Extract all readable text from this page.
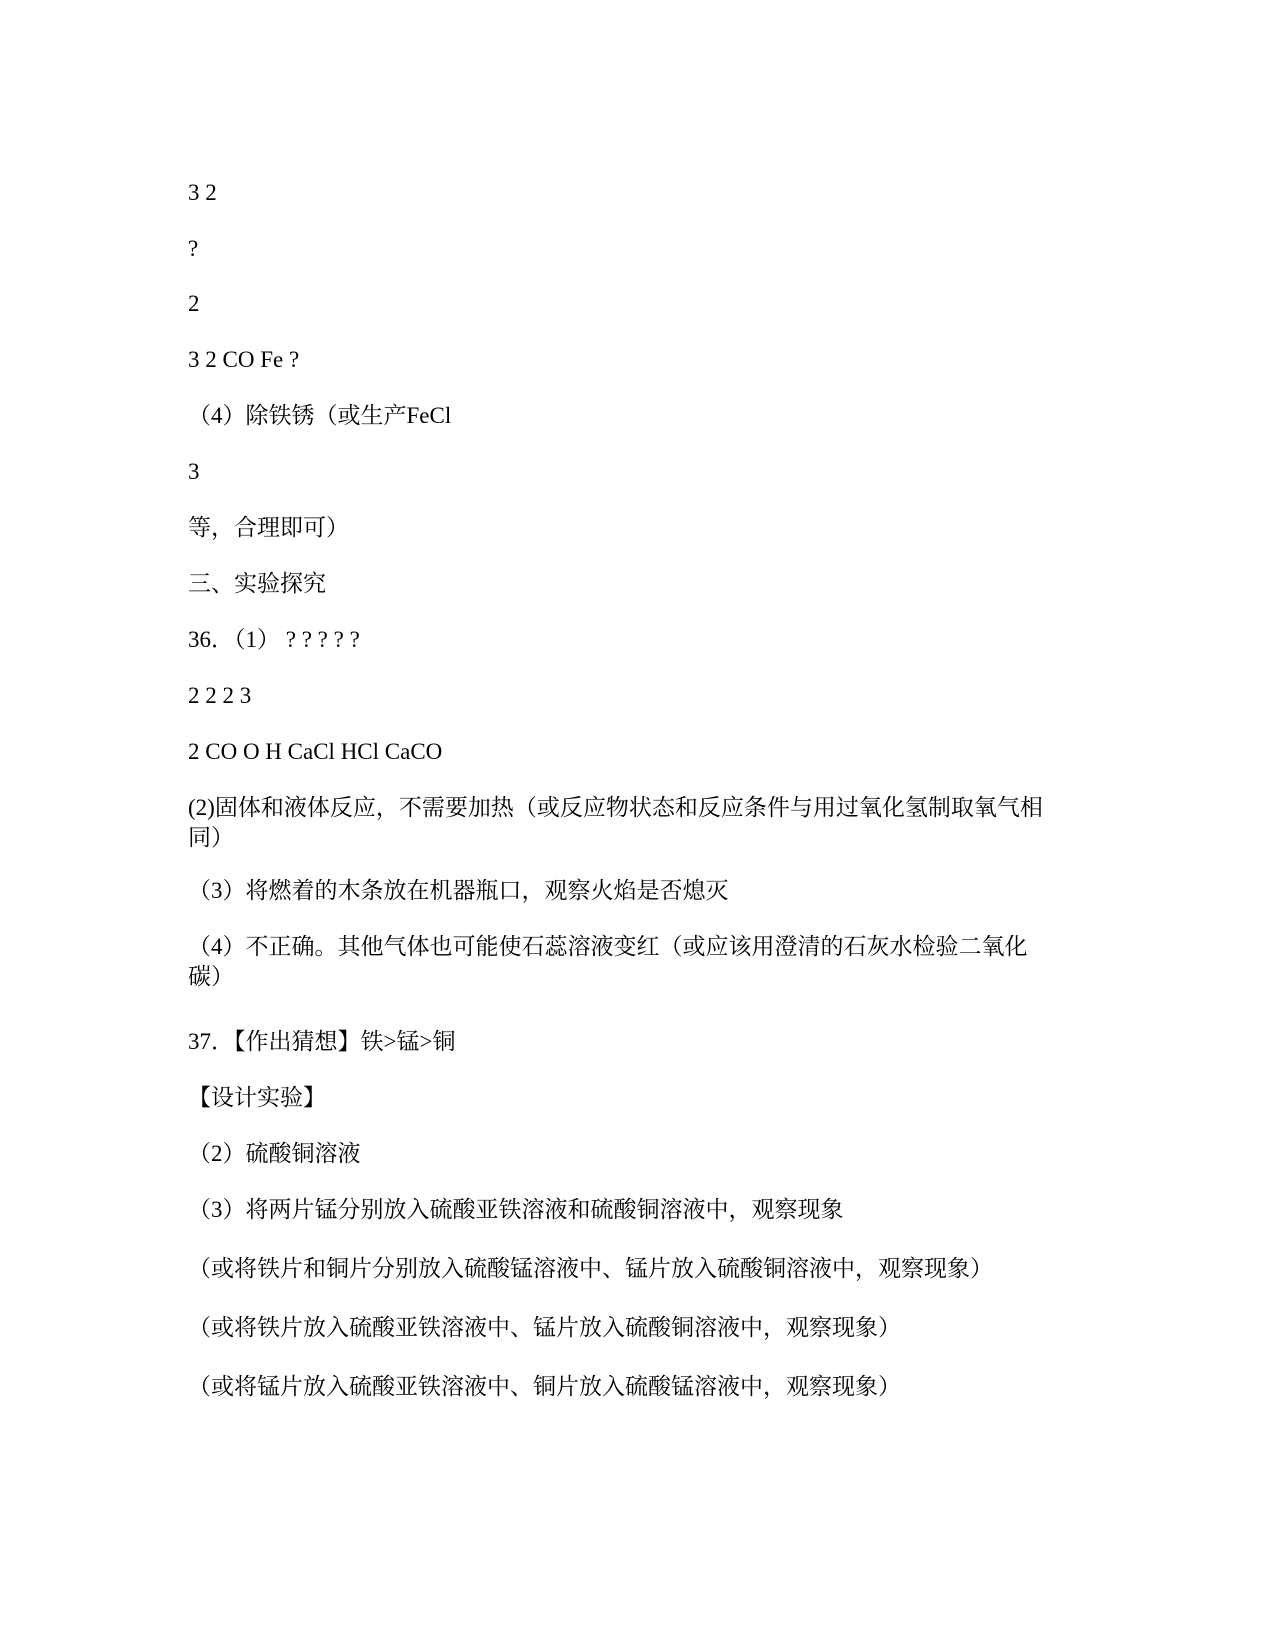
3 2
?
2
3 2 CO Fe ?
（4）除铁锈（或生产FeCl
3
等，合理即可）
三、实验探究
36．（1） ? ? ? ? ?
2 2 2 3
2 CO O H CaCl HCl CaCO
(2)固体和液体反应，不需要加热（或反应物状态和反应条件与用过氧化氢制取氧气相同）
（3）将燃着的木条放在机器瓶口，观察火焰是否熄灭
（4）不正确。其他气体也可能使石蕊溶液变红（或应该用澄清的石灰水检验二氧化碳）
37．【作出猜想】铁>锰>铜
【设计实验】
（2）硫酸铜溶液
（3）将两片锰分别放入硫酸亚铁溶液和硫酸铜溶液中，观察现象
（或将铁片和铜片分别放入硫酸锰溶液中、锰片放入硫酸铜溶液中，观察现象）
（或将铁片放入硫酸亚铁溶液中、锰片放入硫酸铜溶液中，观察现象）
（或将锰片放入硫酸亚铁溶液中、铜片放入硫酸锰溶液中，观察现象）
